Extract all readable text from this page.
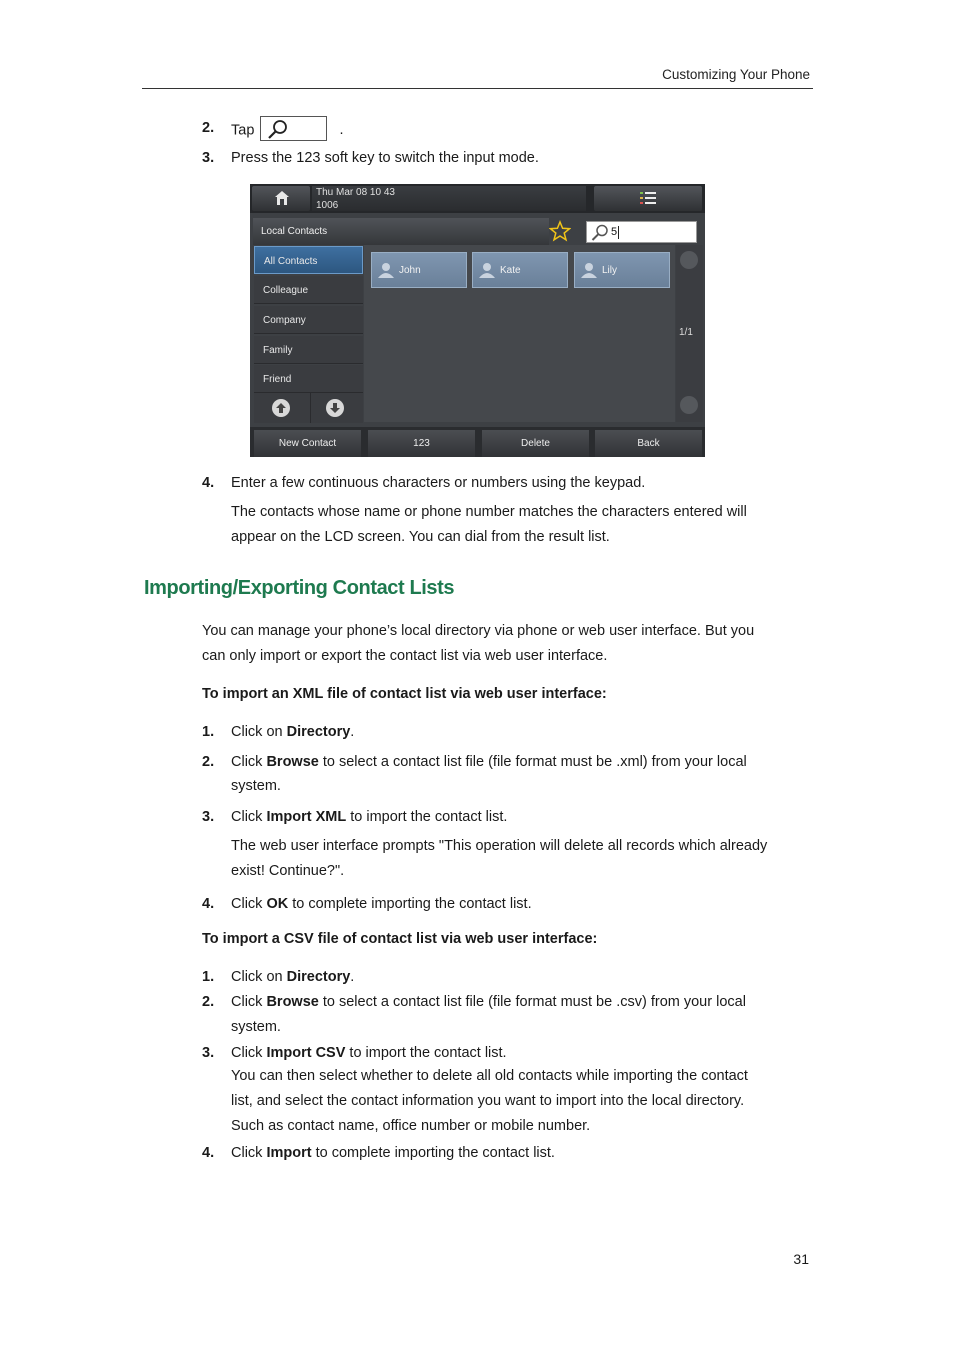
Customizing Your Phone
2. Tap	.
3. Press the 123 soft key to switch the input mode.
Thu Mar 08 10 43
1006
Local Contacts	5
All Contacts
Colleague
Company
Family
Friend
John	Kate	Lily
1/1
New Contact	123	Delete	Back
4. Enter a few continuous characters or numbers using the keypad.
The contacts whose name or phone number matches the characters entered will
appear on the LCD screen. You can dial from the result list.
Importing/Exporting Contact Lists
You can manage your phone’s local directory via phone or web user interface. But you
can only import or export the contact list via web user interface.
To import an XML file of contact list via web user interface:
1. Click on Directory.
2. Click Browse to select a contact list file (file format must be .xml) from your local
system.
3. Click Import XML to import the contact list.
The web user interface prompts "This operation will delete all records which already
exist! Continue?".
4. Click OK to complete importing the contact list.
To import a CSV file of contact list via web user interface:
1. Click on Directory.
2. Click Browse to select a contact list file (file format must be .csv) from your local
system.
3. Click Import CSV to import the contact list.
You can then select whether to delete all old contacts while importing the contact
list, and select the contact information you want to import into the local directory.
Such as contact name, office number or mobile number.
4. Click Import to complete importing the contact list.
31
